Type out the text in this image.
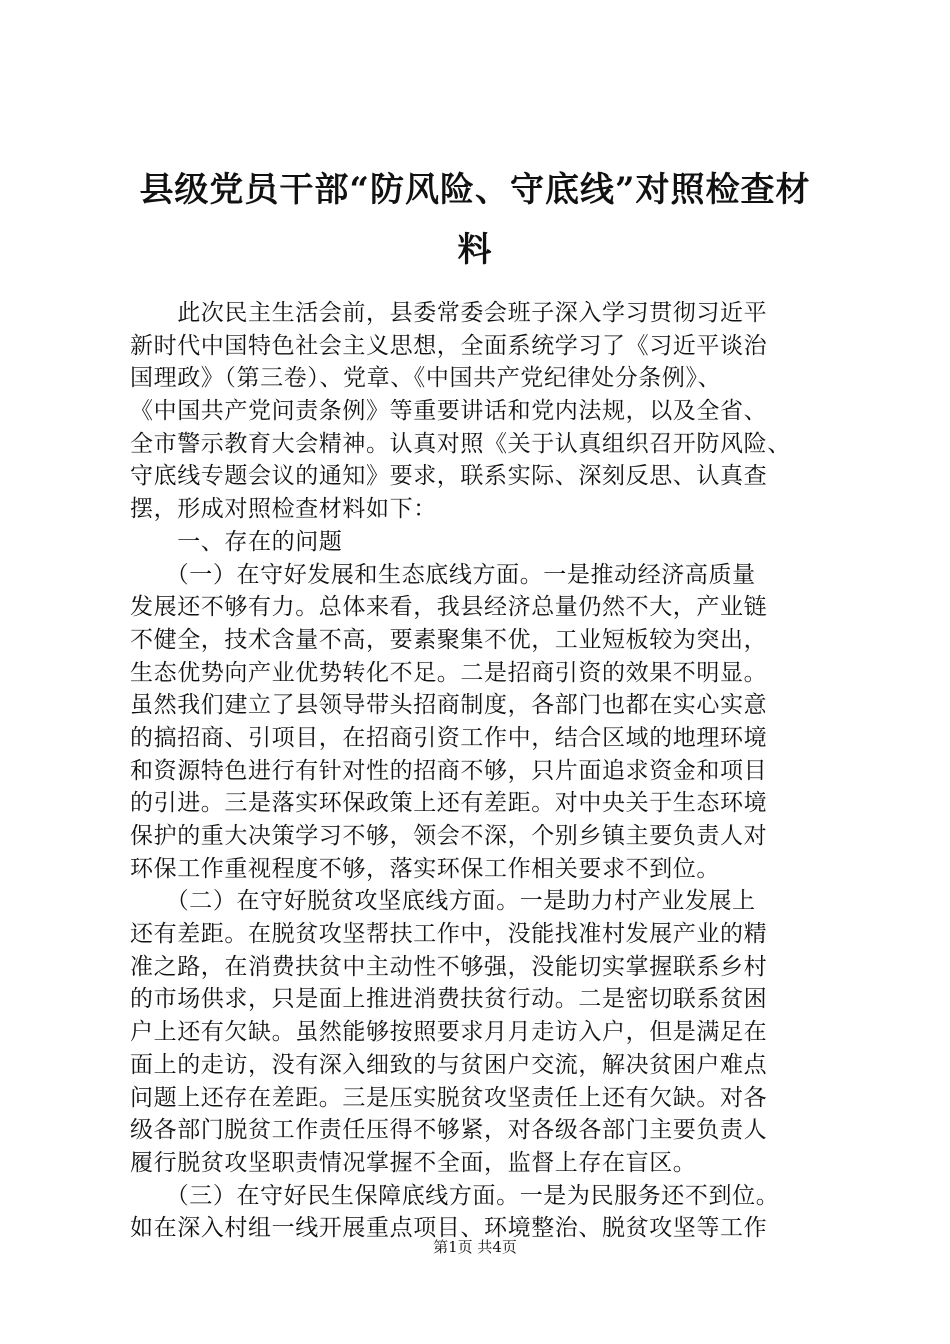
县级党员干部“防风险、守底线”对照检查材
料
　　此次民主生活会前，县委常委会班子深入学习贯彻习近平
新时代中国特色社会主义思想，全面系统学习了《习近平谈治
国理政》（第三卷）、党章、《中国共产党纪律处分条例》、
《中国共产党问责条例》等重要讲话和党内法规，以及全省、
全市警示教育大会精神。认真对照《关于认真组织召开防风险、
守底线专题会议的通知》要求，联系实际、深刻反思、认真查
摆，形成对照检查材料如下：
　　一、存在的问题
　　（一）在守好发展和生态底线方面。一是推动经济高质量
发展还不够有力。总体来看，我县经济总量仍然不大，产业链
不健全，技术含量不高，要素聚集不优，工业短板较为突出，
生态优势向产业优势转化不足。二是招商引资的效果不明显。
虽然我们建立了县领导带头招商制度，各部门也都在实心实意
的搞招商、引项目，在招商引资工作中，结合区域的地理环境
和资源特色进行有针对性的招商不够，只片面追求资金和项目
的引进。三是落实环保政策上还有差距。对中央关于生态环境
保护的重大决策学习不够，领会不深，个别乡镇主要负责人对
环保工作重视程度不够，落实环保工作相关要求不到位。
　　（二）在守好脱贫攻坚底线方面。一是助力村产业发展上
还有差距。在脱贫攻坚帮扶工作中，没能找准村发展产业的精
准之路，在消费扶贫中主动性不够强，没能切实掌握联系乡村
的市场供求，只是面上推进消费扶贫行动。二是密切联系贫困
户上还有欠缺。虽然能够按照要求月月走访入户，但是满足在
面上的走访，没有深入细致的与贫困户交流，解决贫困户难点
问题上还存在差距。三是压实脱贫攻坚责任上还有欠缺。对各
级各部门脱贫工作责任压得不够紧，对各级各部门主要负责人
履行脱贫攻坚职责情况掌握不全面，监督上存在盲区。
　　（三）在守好民生保障底线方面。一是为民服务还不到位。
如在深入村组一线开展重点项目、环境整治、脱贫攻坚等工作
第1页 共4页
